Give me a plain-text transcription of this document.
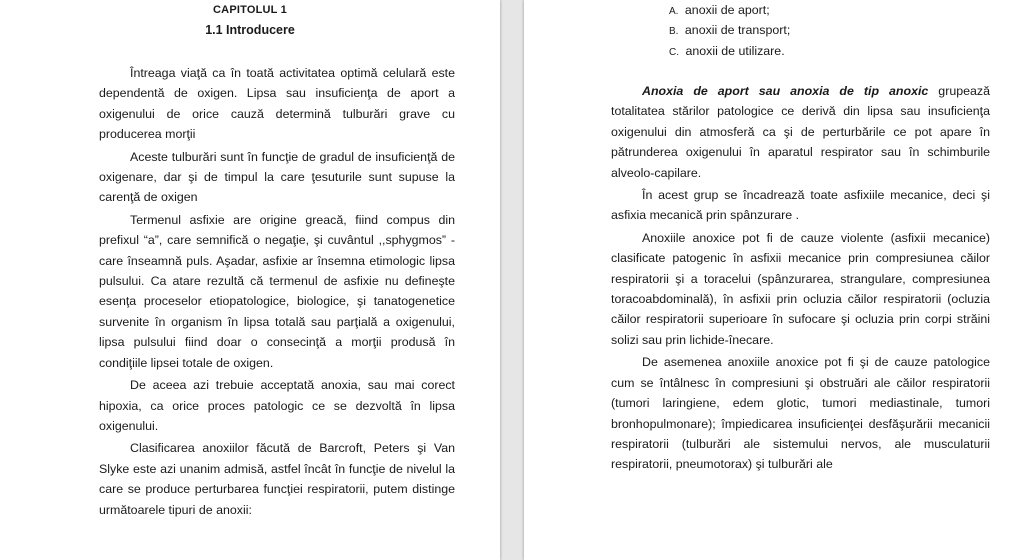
CAPITOLUL 1
1.1 Introducere

Întreaga viaţă ca în toată activitatea optimă celulară este dependentă de oxigen. Lipsa sau insuficienţa de aport a oxigenului de orice cauză determină tulburări grave cu producerea morţii

Aceste tulburări sunt în funcţie de gradul de insuficienţă de oxigenare, dar şi de timpul la care ţesuturile sunt supuse la carenţă de oxigen

Termenul asfixie are origine greacă, fiind compus din prefixul “a”, care semnifică o negaţie, şi cuvântul ,,sphygmos” - care înseamnă puls. Aşadar, asfixie ar însemna etimologic lipsa pulsului. Ca atare rezultă că termenul de asfixie nu defineşte esenţa proceselor etiopatologice, biologice, şi tanatogenetice survenite în organism în lipsa totală sau parţială a oxigenului, lipsa pulsului fiind doar o consecinţă a morţii produsă în condiţiile lipsei totale de oxigen.

De aceea azi trebuie acceptată anoxia, sau mai corect hipoxia, ca orice proces patologic ce se dezvoltă în lipsa oxigenului.

Clasificarea anoxiilor făcută de Barcroft, Peters şi Van Slyke este azi unanim admisă, astfel încât în funcţie de nivelul la care se produce perturbarea funcţiei respiratorii, putem distinge următoarele tipuri de anoxii:

A. anoxii de aport;
B. anoxii de transport;
C. anoxii de utilizare.

Anoxia de aport sau anoxia de tip anoxic grupează totalitatea stărilor patologice ce derivă din lipsa sau insuficienţa oxigenului din atmosferă ca şi de perturbările ce pot apare în pătrunderea oxigenului în aparatul respirator sau în schimburile alveolo-capilare.

În acest grup se încadrează toate asfixiile mecanice, deci şi asfixia mecanică prin spânzurare .

Anoxiile anoxice pot fi de cauze violente (asfixii mecanice) clasificate patogenic în asfixii mecanice prin compresiunea căilor respiratorii şi a toracelui (spânzurarea, strangulare, compresiunea toracoabdominală), în asfixii prin ocluzia căilor respiratorii (ocluzia căilor respiratorii superioare în sufocare şi ocluzia prin corpi străini solizi sau prin lichide-înecare.

De asemenea anoxiile anoxice pot fi şi de cauze patologice cum se întâlnesc în compresiuni şi obstruări ale căilor respiratorii (tumori laringiene, edem glotic, tumori mediastinale, tumori bronhopulmonare); împiedicarea insuficienţei desfăşurării mecanicii respiratorii (tulburări ale sistemului nervos, ale musculaturii respiratorii, pneumotorax) şi tulburări ale
